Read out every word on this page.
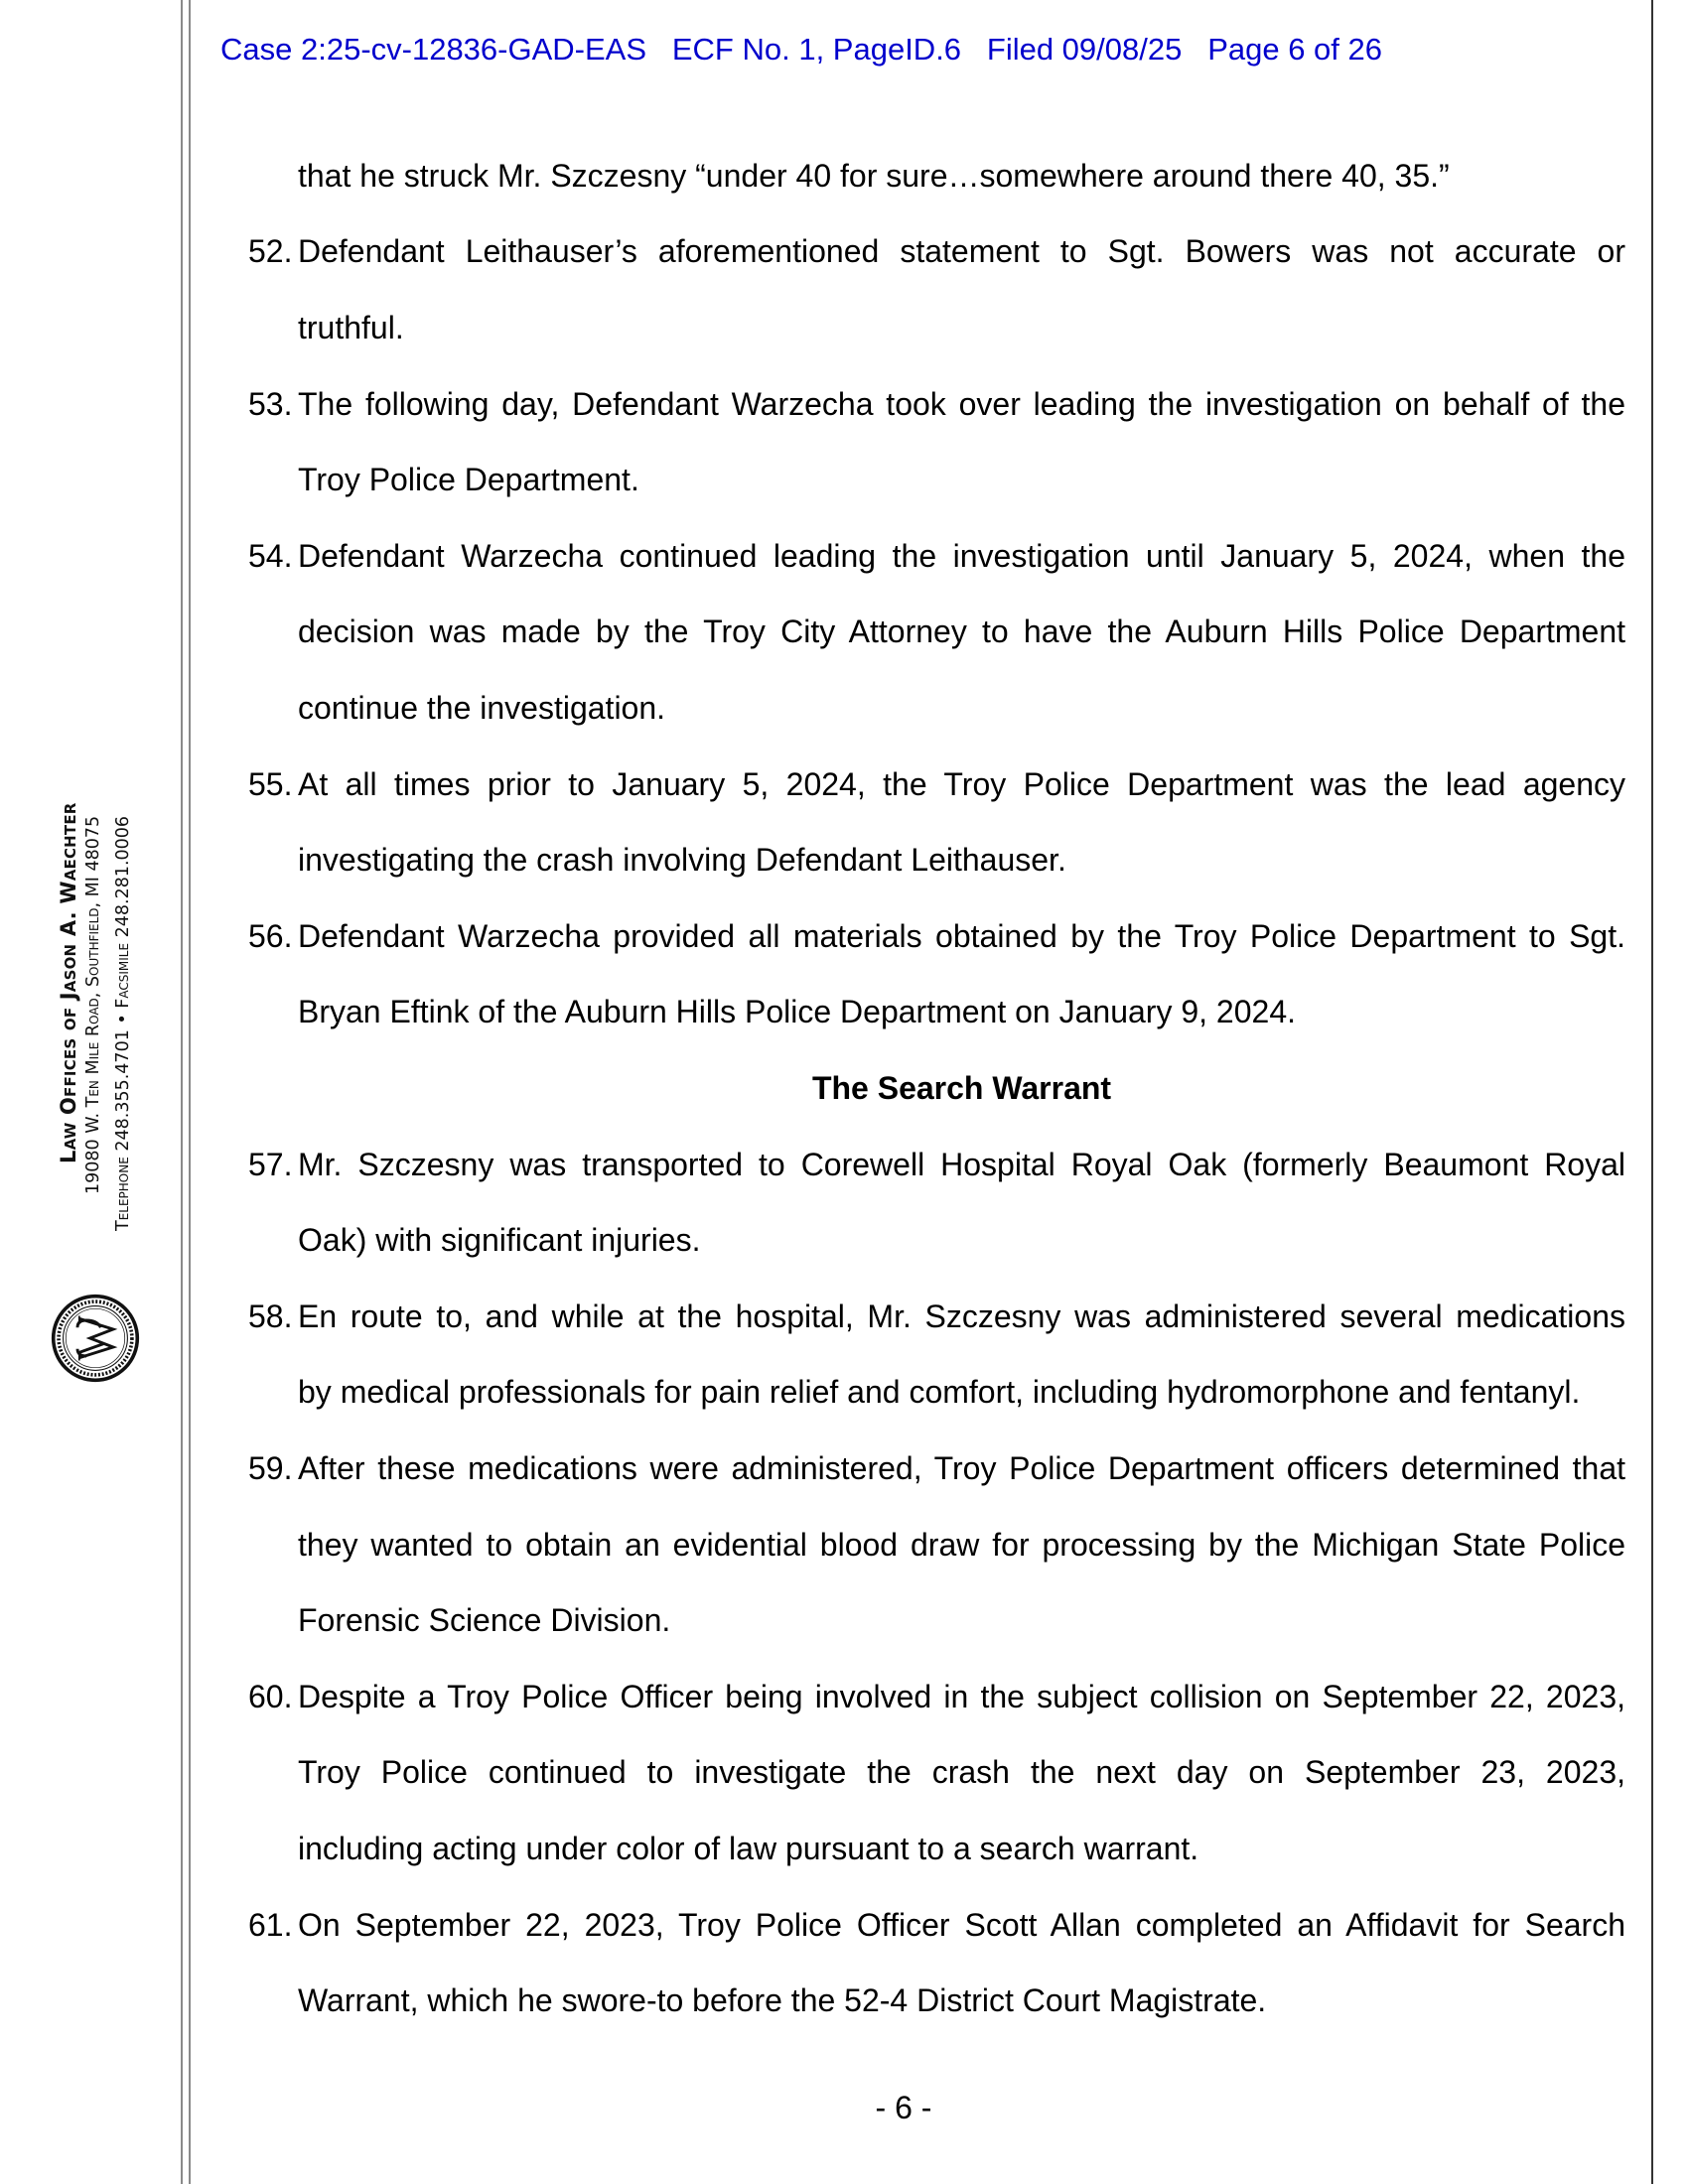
Case 2:25-cv-12836-GAD-EAS   ECF No. 1, PageID.6   Filed 09/08/25   Page 6 of 26
Law Offices of Jason A. Waechter 19080 W. Ten Mile Road, Southfield, MI 48075 Telephone 248.355.4701 • Facsimile 248.281.0006
that he struck Mr. Szczesny “under 40 for sure…somewhere around there 40, 35.”
52. Defendant Leithauser’s aforementioned statement to Sgt. Bowers was not accurate or
truthful.
53. The following day, Defendant Warzecha took over leading the investigation on behalf of the
Troy Police Department.
54. Defendant Warzecha continued leading the investigation until January 5, 2024, when the
decision was made by the Troy City Attorney to have the Auburn Hills Police Department
continue the investigation.
55. At all times prior to January 5, 2024, the Troy Police Department was the lead agency
investigating the crash involving Defendant Leithauser.
56. Defendant Warzecha provided all materials obtained by the Troy Police Department to Sgt.
Bryan Eftink of the Auburn Hills Police Department on January 9, 2024.
The Search Warrant
57. Mr. Szczesny was transported to Corewell Hospital Royal Oak (formerly Beaumont Royal
Oak) with significant injuries.
58. En route to, and while at the hospital, Mr. Szczesny was administered several medications
by medical professionals for pain relief and comfort, including hydromorphone and fentanyl.
59. After these medications were administered, Troy Police Department officers determined that
they wanted to obtain an evidential blood draw for processing by the Michigan State Police
Forensic Science Division.
60. Despite a Troy Police Officer being involved in the subject collision on September 22, 2023,
Troy Police continued to investigate the crash the next day on September 23, 2023,
including acting under color of law pursuant to a search warrant.
61. On September 22, 2023, Troy Police Officer Scott Allan completed an Affidavit for Search
Warrant, which he swore-to before the 52-4 District Court Magistrate.
- 6 -
